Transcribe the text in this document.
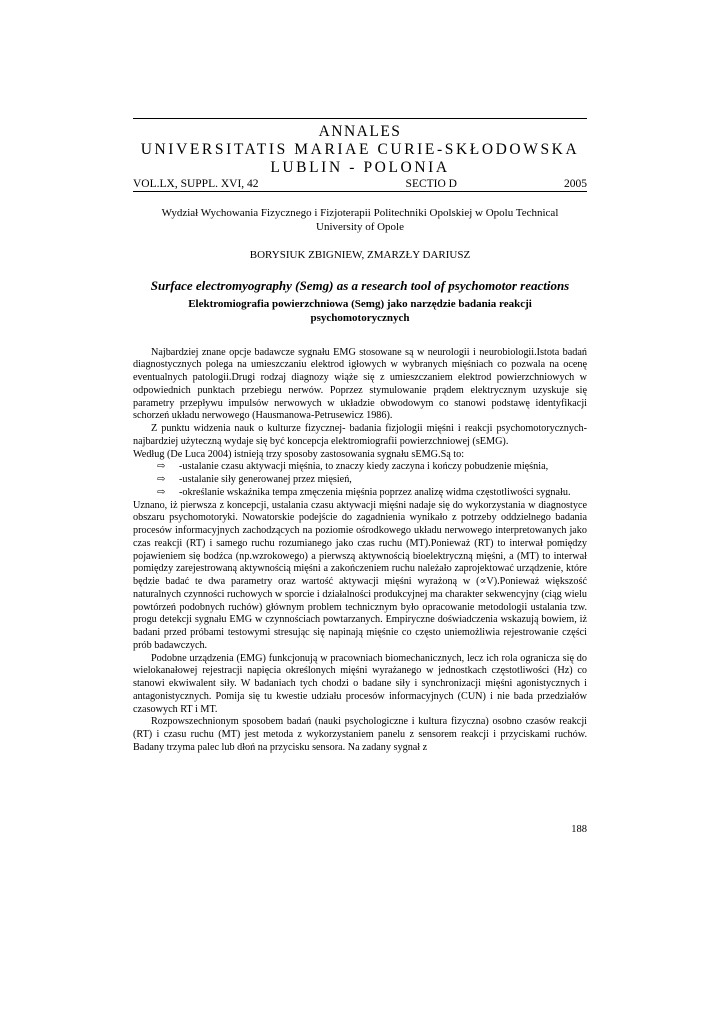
ANNALES
UNIVERSITATIS MARIAE CURIE-SKŁODOWSKA
LUBLIN - POLONIA
VOL.LX, SUPPL. XVI, 42	SECTIO D	2005
Wydział Wychowania Fizycznego i Fizjoterapii Politechniki Opolskiej w Opolu Technical University of Opole
BORYSIUK ZBIGNIEW, ZMARZŁY DARIUSZ
Surface electromyography (Semg) as a research tool of psychomotor reactions
Elektromiografia powierzchniowa (Semg) jako narzędzie badania reakcji psychomotorycznych

Najbardziej znane opcje badawcze sygnału EMG stosowane są w neurologii i neurobiologii.Istota badań diagnostycznych polega na umieszczaniu elektrod igłowych w wybranych mięśniach co pozwala na ocenę eventualnych patologii.Drugi rodzaj diagnozy wiąże się z umieszczaniem elektrod powierzchniowych w odpowiednich punktach przebiegu nerwów. Poprzez stymulowanie prądem elektrycznym uzyskuje się parametry przepływu impulsów nerwowych w układzie obwodowym co stanowi podstawę identyfikacji schorzeń układu nerwowego (Hausmanowa-Petrusewicz 1986).

Z punktu widzenia nauk o kulturze fizycznej- badania fizjologii mięśni i reakcji psychomotorycznych- najbardziej użyteczną wydaje się być koncepcja elektromiografii powierzchniowej (sEMG).

Według (De Luca 2004) istnieją trzy sposoby zastosowania sygnału sEMG.Są to:

⇨	-ustalanie czasu aktywacji mięśnia, to znaczy kiedy zaczyna i kończy pobudzenie mięśnia,
⇨	-ustalanie siły generowanej przez mięsień,
⇨	-określanie wskaźnika tempa zmęczenia mięśnia poprzez analizę widma częstotliwości sygnału.

Uznano, iż pierwsza z koncepcji, ustalania czasu aktywacji mięśni nadaje się do wykorzystania w diagnostyce obszaru psychomotoryki. Nowatorskie podejście do zagadnienia wynikało z potrzeby oddzielnego badania procesów informacyjnych zachodzących na poziomie ośrodkowego układu nerwowego interpretowanych jako czas reakcji (RT) i samego ruchu rozumianego jako czas ruchu (MT).Ponieważ (RT) to interwał pomiędzy pojawieniem się bodźca (np.wzrokowego) a pierwszą aktywnością bioelektryczną mięśni, a (MT) to interwał pomiędzy zarejestrowaną aktywnością mięśni a zakończeniem ruchu należało zaprojektować urządzenie, które będzie badać te dwa parametry oraz wartość aktywacji mięśni wyrażoną w (∝V).Ponieważ większość naturalnych czynności ruchowych w sporcie i działalności produkcyjnej ma charakter sekwencyjny (ciąg wielu powtórzeń podobnych ruchów) głównym problem technicznym było opracowanie metodologii ustalania tzw. progu detekcji sygnału EMG w czynnościach powtarzanych. Empiryczne doświadczenia wskazują bowiem, iż badani przed próbami testowymi stresując się napinają mięśnie co często uniemożliwia rejestrowanie części prób badawczych.

Podobne urządzenia (EMG) funkcjonują w pracowniach biomechanicznych, lecz ich rola ogranicza się do wielokanałowej rejestracji napięcia określonych mięśni wyrażanego w jednostkach częstotliwości (Hz) co stanowi ekwiwalent siły. W badaniach tych chodzi o badane siły i synchronizacji mięśni agonistycznych i antagonistycznych. Pomija się tu kwestie udziału procesów informacyjnych (CUN) i nie bada przedziałów czasowych RT i MT.

Rozpowszechnionym sposobem badań (nauki psychologiczne i kultura fizyczna) osobno czasów reakcji (RT) i czasu ruchu (MT) jest metoda z wykorzystaniem panelu z sensorem reakcji i przyciskami ruchów. Badany trzyma palec lub dłoń na przycisku sensora. Na zadany sygnał z

188
